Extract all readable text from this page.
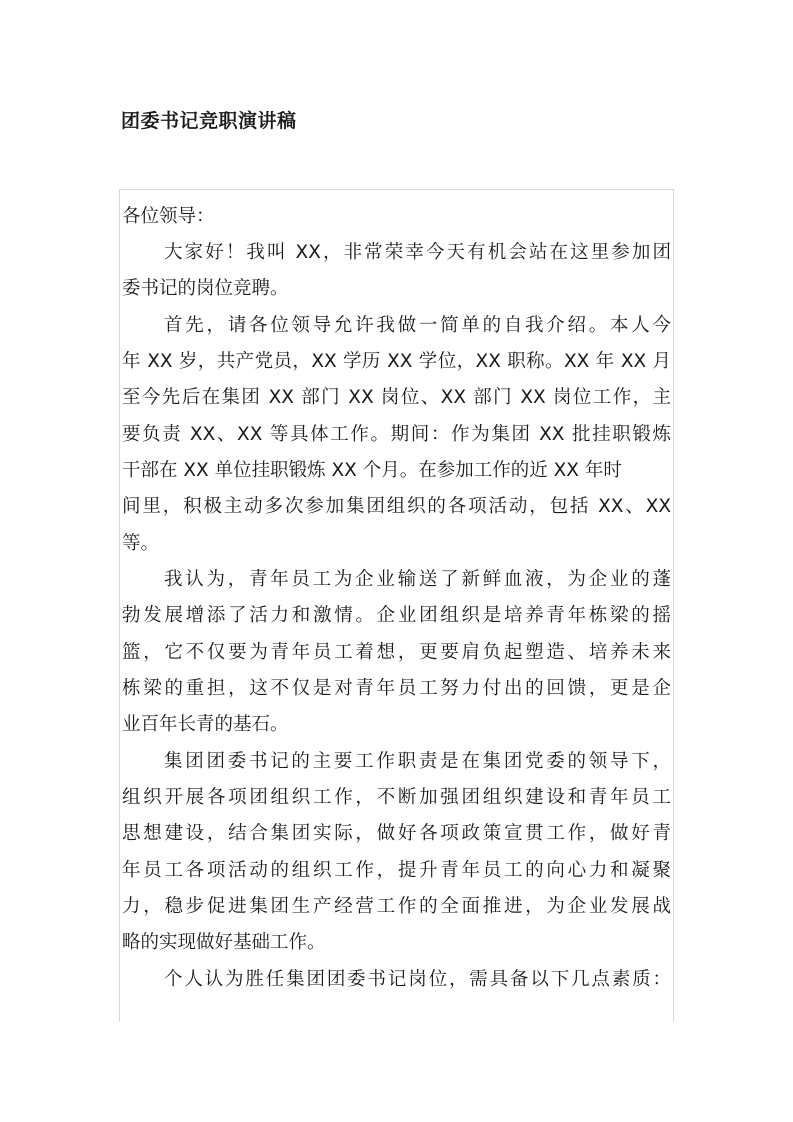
团委书记竞职演讲稿
各位领导：
大家好！我叫 XX，非常荣幸今天有机会站在这里参加团
委书记的岗位竞聘。
首先，请各位领导允许我做一简单的自我介绍。本人今
年 XX 岁，共产党员，XX 学历 XX 学位，XX 职称。XX 年 XX 月
至今先后在集团 XX 部门 XX 岗位、XX 部门 XX 岗位工作，主
要负责 XX、XX 等具体工作。期间：作为集团 XX 批挂职锻炼
干部在 XX 单位挂职锻炼 XX 个月。在参加工作的近 XX 年时
间里，积极主动多次参加集团组织的各项活动，包括 XX、XX
等。
我认为，青年员工为企业输送了新鲜血液，为企业的蓬
勃发展增添了活力和激情。企业团组织是培养青年栋梁的摇
篮，它不仅要为青年员工着想，更要肩负起塑造、培养未来
栋梁的重担，这不仅是对青年员工努力付出的回馈，更是企
业百年长青的基石。
集团团委书记的主要工作职责是在集团党委的领导下，
组织开展各项团组织工作，不断加强团组织建设和青年员工
思想建设，结合集团实际，做好各项政策宣贯工作，做好青
年员工各项活动的组织工作，提升青年员工的向心力和凝聚
力，稳步促进集团生产经营工作的全面推进，为企业发展战
略的实现做好基础工作。
个人认为胜任集团团委书记岗位，需具备以下几点素质：
